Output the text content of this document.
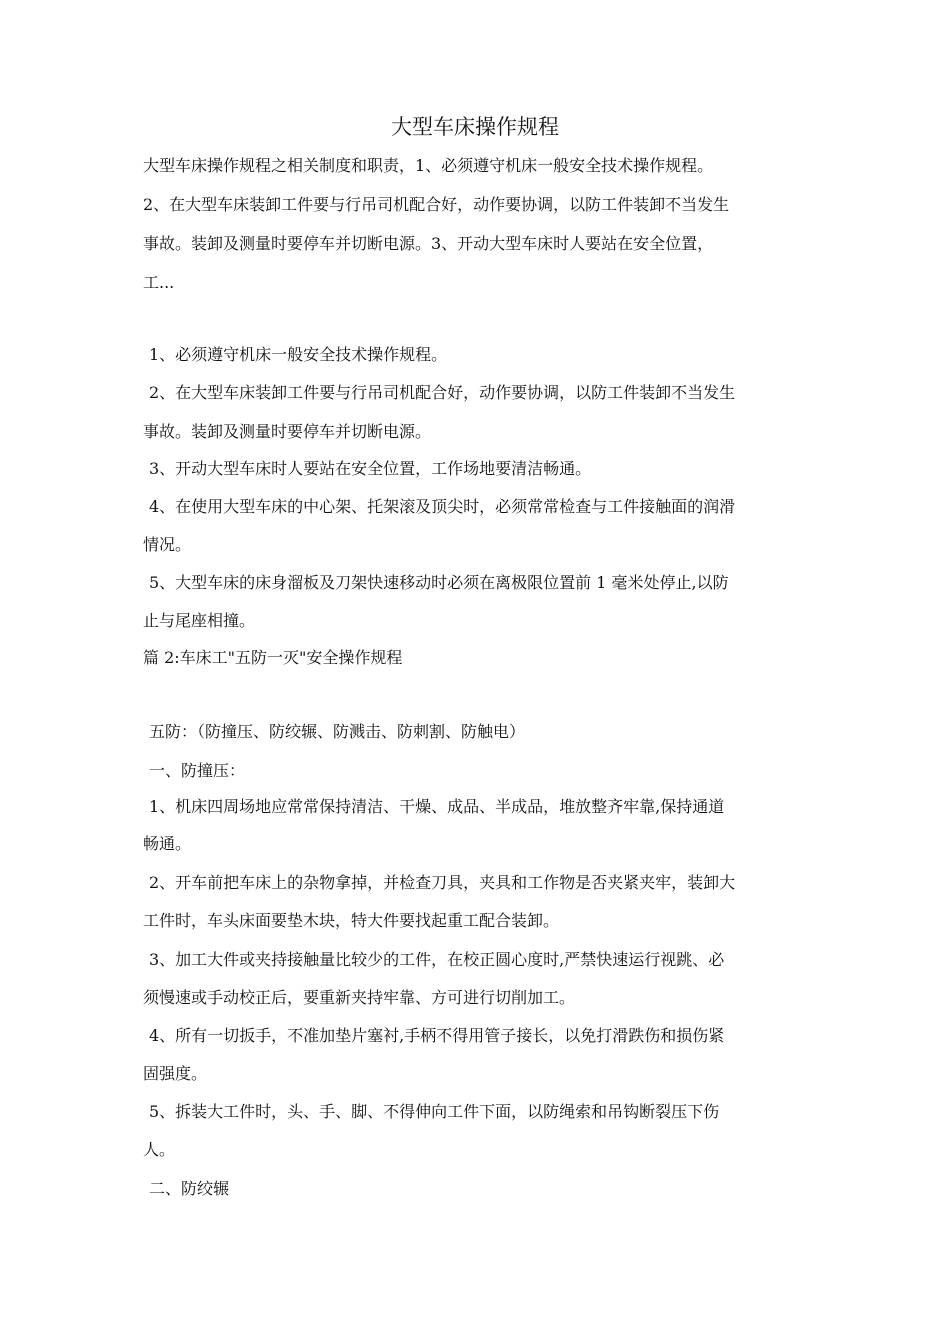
大型车床操作规程
大型车床操作规程之相关制度和职责，1、必须遵守机床一般安全技术操作规程。
2、在大型车床装卸工件要与行吊司机配合好，动作要协调，以防工件装卸不当发生
事故。装卸及测量时要停车并切断电源。3、开动大型车床时人要站在安全位置，
工...
1、必须遵守机床一般安全技术操作规程。
2、在大型车床装卸工件要与行吊司机配合好，动作要协调，以防工件装卸不当发生
事故。装卸及测量时要停车并切断电源。
3、开动大型车床时人要站在安全位置，工作场地要清洁畅通。
4、在使用大型车床的中心架、托架滚及顶尖时，必须常常检查与工件接触面的润滑
情况。
5、大型车床的床身溜板及刀架快速移动时必须在离极限位置前 1 毫米处停止,以防
止与尾座相撞。
篇 2:车床工"五防一灭"安全操作规程
五防：（防撞压、防绞辗、防溅击、防刺割、防触电）
一、防撞压：
1、机床四周场地应常常保持清洁、干燥、成品、半成品，堆放整齐牢靠,保持通道
畅通。
2、开车前把车床上的杂物拿掉，并检查刀具，夹具和工作物是否夹紧夹牢，装卸大
工件时，车头床面要垫木块，特大件要找起重工配合装卸。
3、加工大件或夹持接触量比较少的工件，在校正圆心度时,严禁快速运行视跳、必
须慢速或手动校正后，要重新夹持牢靠、方可进行切削加工。
4、所有一切扳手，不准加垫片塞衬,手柄不得用管子接长，以免打滑跌伤和损伤紧
固强度。
5、拆装大工件时，头、手、脚、不得伸向工件下面，以防绳索和吊钩断裂压下伤
人。
二、防绞辗
